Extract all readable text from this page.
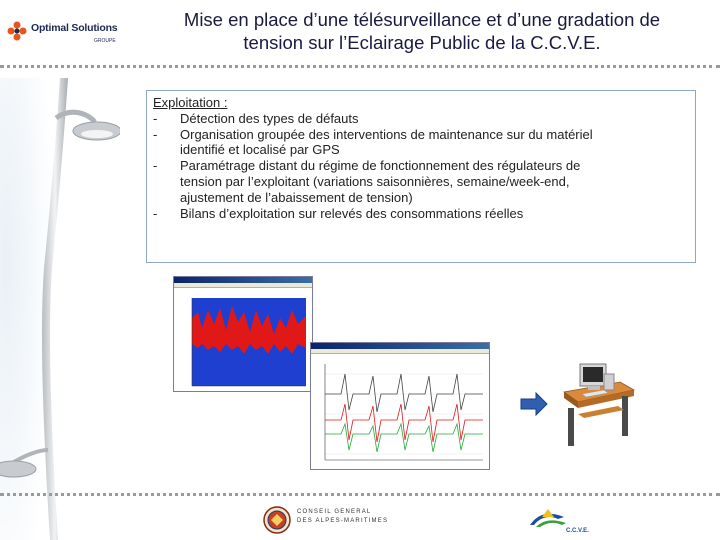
Optimal Solutions
GROUPE
Mise en place d’une télésurveillance et d’une gradation de
tension sur l’Eclairage Public de la C.C.V.E.
Exploitation :
-	Détection des types de défauts
-	Organisation groupée des interventions de maintenance sur du matériel
identifié et localisé par GPS
-	Paramétrage distant du régime de fonctionnement des régulateurs de
tension par l’exploitant (variations saisonnières, semaine/week-end,
ajustement de l’abaissement de tension)
-	Bilans d’exploitation sur relevés des consommations réelles
CONSEIL GENERAL
DES ALPES-MARITIMES
C.C.V.E.
